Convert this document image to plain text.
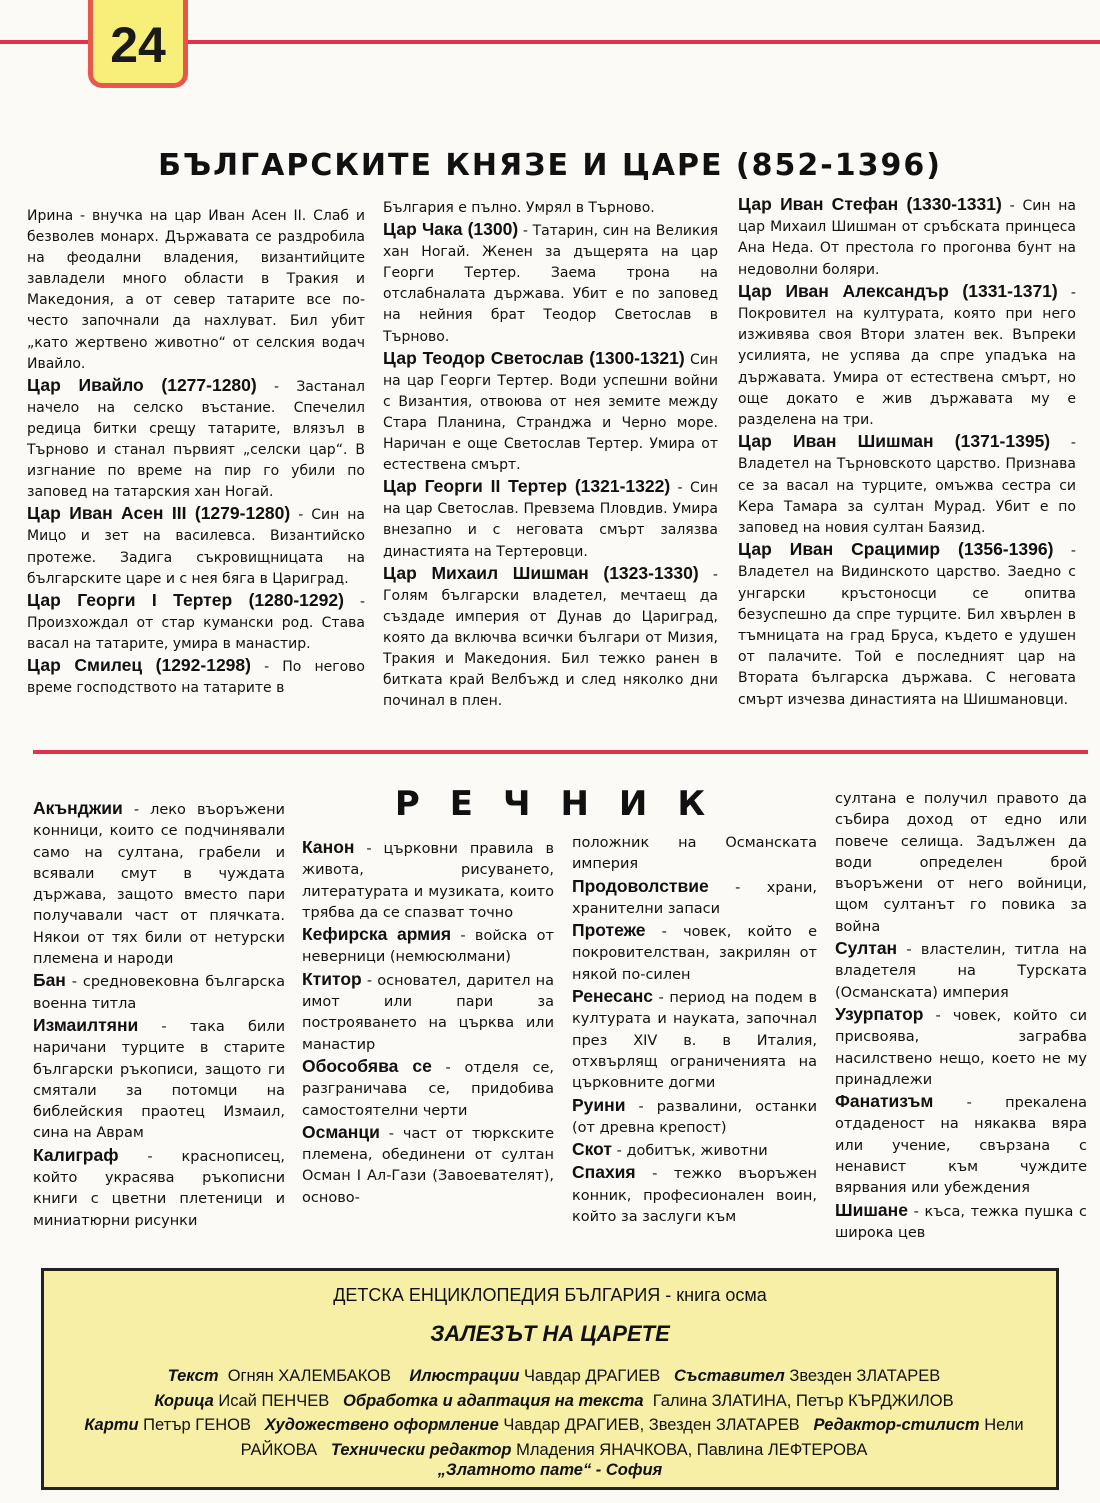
24
БЪЛГАРСКИТЕ КНЯЗЕ И ЦАРЕ (852-1396)

Ирина - внучка на цар Иван Асен II. Слаб и безволев монарх. Държавата се раздробила на феодални владения, византийците завладели много области в Тракия и Македония, а от север татарите все по-често започнали да нахлуват. Бил убит „като жертвено животно“ от селския водач Ивайло.

Цар Ивайло (1277-1280) - Застанал начело на селско въстание. Спечелил редица битки срещу татарите, влязъл в Търново и станал първият „селски цар“. В изгнание по време на пир го убили по заповед на татарския хан Ногай.

Цар Иван Асен III (1279-1280) - Син на Мицо и зет на василевса. Византийско протеже. Задига съкровищницата на българските царе и с нея бяга в Цариград.

Цар Георги I Тертер (1280-1292) - Произхождал от стар кумански род. Става васал на татарите, умира в манастир.

Цар Смилец (1292-1298) - По негово време господството на татарите в

България е пълно. Умрял в Търново.

Цар Чака (1300) - Татарин, син на Великия хан Ногай. Женен за дъщерята на цар Георги Тертер. Заема трона на отслабналата държава. Убит е по заповед на нейния брат Теодор Светослав в Търново.

Цар Теодор Светослав (1300-1321) Син на цар Георги Тертер. Води успешни войни с Византия, отвоюва от нея земите между Стара Планина, Странджа и Черно море. Наричан е още Светослав Тертер. Умира от естествена смърт.

Цар Георги II Тертер (1321-1322) - Син на цар Светослав. Превзема Пловдив. Умира внезапно и с неговата смърт залязва династията на Тертеровци.

Цар Михаил Шишман (1323-1330) - Голям български владетел, мечтаещ да създаде империя от Дунав до Цариград, която да включва всички българи от Мизия, Тракия и Македония. Бил тежко ранен в битката край Велбъжд и след няколко дни починал в плен.

Цар Иван Стефан (1330-1331) - Син на цар Михаил Шишман от сръбската принцеса Ана Неда. От престола го прогонва бунт на недоволни боляри.

Цар Иван Александър (1331-1371) - Покровител на културата, която при него изживява своя Втори златен век. Въпреки усилията, не успява да спре упадъка на държавата. Умира от естествена смърт, но още докато е жив държавата му е разделена на три.

Цар Иван Шишман (1371-1395) - Владетел на Търновското царство. Признава се за васал на турците, омъжва сестра си Кера Тамара за султан Мурад. Убит е по заповед на новия султан Баязид.

Цар Иван Срацимир (1356-1396) - Владетел на Видинското царство. Заедно с унгарски кръстоносци се опитва безуспешно да спре турците. Бил хвърлен в тъмницата на град Бруса, където е удушен от палачите. Той е последният цар на Втората българска държава. С неговата смърт изчезва династията на Шишмановци.

РЕЧНИК

Акънджии - леко въоръжени конници, които се подчинявали само на султана, грабели и всявали смут в чуждата държава, защото вместо пари получавали част от плячката. Някои от тях били от нетурски племена и народи

Бан - средновековна българска военна титла

Измаилтяни - така били наричани турците в старите български ръкописи, защото ги смятали за потомци на библейския праотец Измаил, сина на Аврам

Калиграф - краснописец, който украсява ръкописни книги с цветни плетеници и миниатюрни рисунки

Канон - църковни правила в живота, рисуването, литературата и музиката, които трябва да се спазват точно

Кефирска армия - войска от неверници (немюсюлмани)

Ктитор - основател, дарител на имот или пари за построяването на църква или манастир

Обособява се - отделя се, разграничава се, придобива самостоятелни черти

Османци - част от тюркските племена, обединени от султан Осман I Ал-Гази (Завоевателят), осново-

положник на Османската империя

Продоволствие - храни, хранителни запаси

Протеже - човек, който е покровителстван, закрилян от някой по-силен

Ренесанс - период на подем в културата и науката, започнал през XIV в. в Италия, отхвърлящ ограниченията на църковните догми

Руини - развалини, останки (от древна крепост)

Скот - добитък, животни

Спахия - тежко въоръжен конник, професионален воин, който за заслуги към

султана е получил правото да събира доход от едно или повече селища. Задължен да води определен брой въоръжени от него войници, щом султанът го повика за война

Султан - властелин, титла на владетеля на Турската (Османската) империя

Узурпатор - човек, който си присвоява, заграбва насилствено нещо, което не му принадлежи

Фанатизъм - прекалена отдаденост на някаква вяра или учение, свързана с ненавист към чуждите вярвания или убеждения

Шишане - къса, тежка пушка с широка цев

ДЕТСКА ЕНЦИКЛОПЕДИЯ БЪЛГАРИЯ - книга осма
ЗАЛЕЗЪТ НА ЦАРЕТЕ
Текст Огнян ХАЛЕМБАКОВ Илюстрации Чавдар ДРАГИЕВ Съставител Звезден ЗЛАТАРЕВ
Корица Исай ПЕНЧЕВ Обработка и адаптация на текста Галина ЗЛАТИНА, Петър КЪРДЖИЛОВ
Карти Петър ГЕНОВ Художествено оформление Чавдар ДРАГИЕВ, Звезден ЗЛАТАРЕВ Редактор-стилист Нели РАЙКОВА Технически редактор Младения ЯНАЧКОВА, Павлина ЛЕФТЕРОВА
„Златното пате“ - София
